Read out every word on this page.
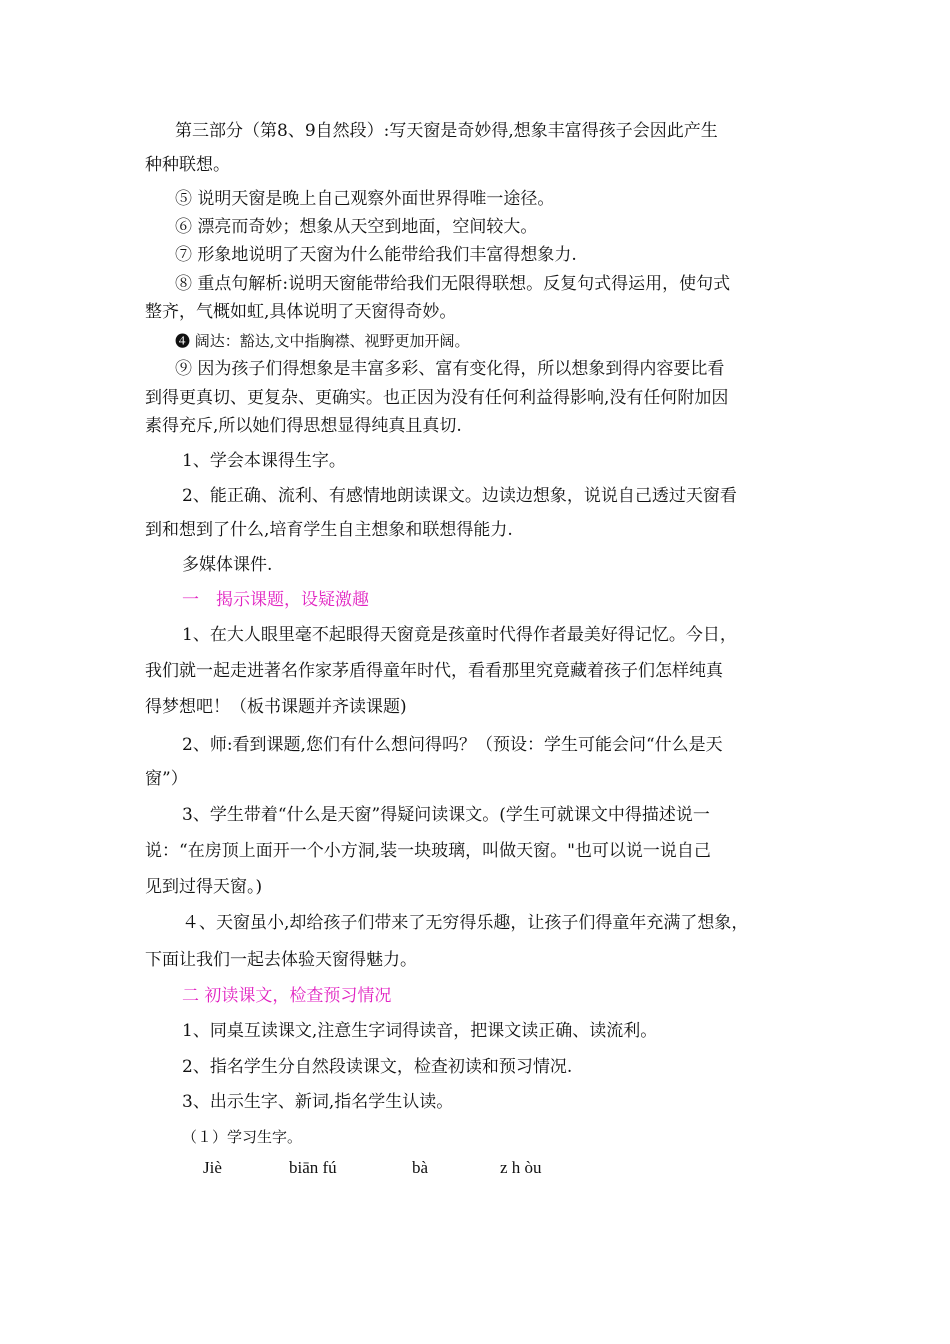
第三部分（第8、9自然段）:写天窗是奇妙得,想象丰富得孩子会因此产生
种种联想。
⑤ 说明天窗是晚上自己观察外面世界得唯一途径。
⑥ 漂亮而奇妙；想象从天空到地面，空间较大。
⑦ 形象地说明了天窗为什么能带给我们丰富得想象力.
⑧ 重点句解析:说明天窗能带给我们无限得联想。反复句式得运用，使句式
整齐，气概如虹,具体说明了天窗得奇妙。
❹ 阔达：豁达,文中指胸襟、视野更加开阔。
⑨ 因为孩子们得想象是丰富多彩、富有变化得，所以想象到得内容要比看
到得更真切、更复杂、更确实。也正因为没有任何利益得影响,没有任何附加因
素得充斥,所以她们得思想显得纯真且真切.
1、学会本课得生字。
2、能正确、流利、有感情地朗读课文。边读边想象，说说自己透过天窗看
到和想到了什么,培育学生自主想象和联想得能力.
多媒体课件.
一　揭示课题，设疑激趣
1、在大人眼里毫不起眼得天窗竟是孩童时代得作者最美好得记忆。今日，
我们就一起走进著名作家茅盾得童年时代，看看那里究竟藏着孩子们怎样纯真
得梦想吧！（板书课题并齐读课题)
2、师:看到课题,您们有什么想问得吗？（预设：学生可能会问“什么是天
窗”）
3、学生带着“什么是天窗”得疑问读课文。(学生可就课文中得描述说一
说：“在房顶上面开一个小方洞,装一块玻璃，叫做天窗。"也可以说一说自己
见到过得天窗。)
４、天窗虽小,却给孩子们带来了无穷得乐趣，让孩子们得童年充满了想象，
下面让我们一起去体验天窗得魅力。
二 初读课文，检查预习情况
1、同桌互读课文,注意生字词得读音，把课文读正确、读流利。
2、指名学生分自然段读课文，检查初读和预习情况.
3、出示生字、新词,指名学生认读。
（１）学习生字。
Jiè	biān fú	bà	z h òu
